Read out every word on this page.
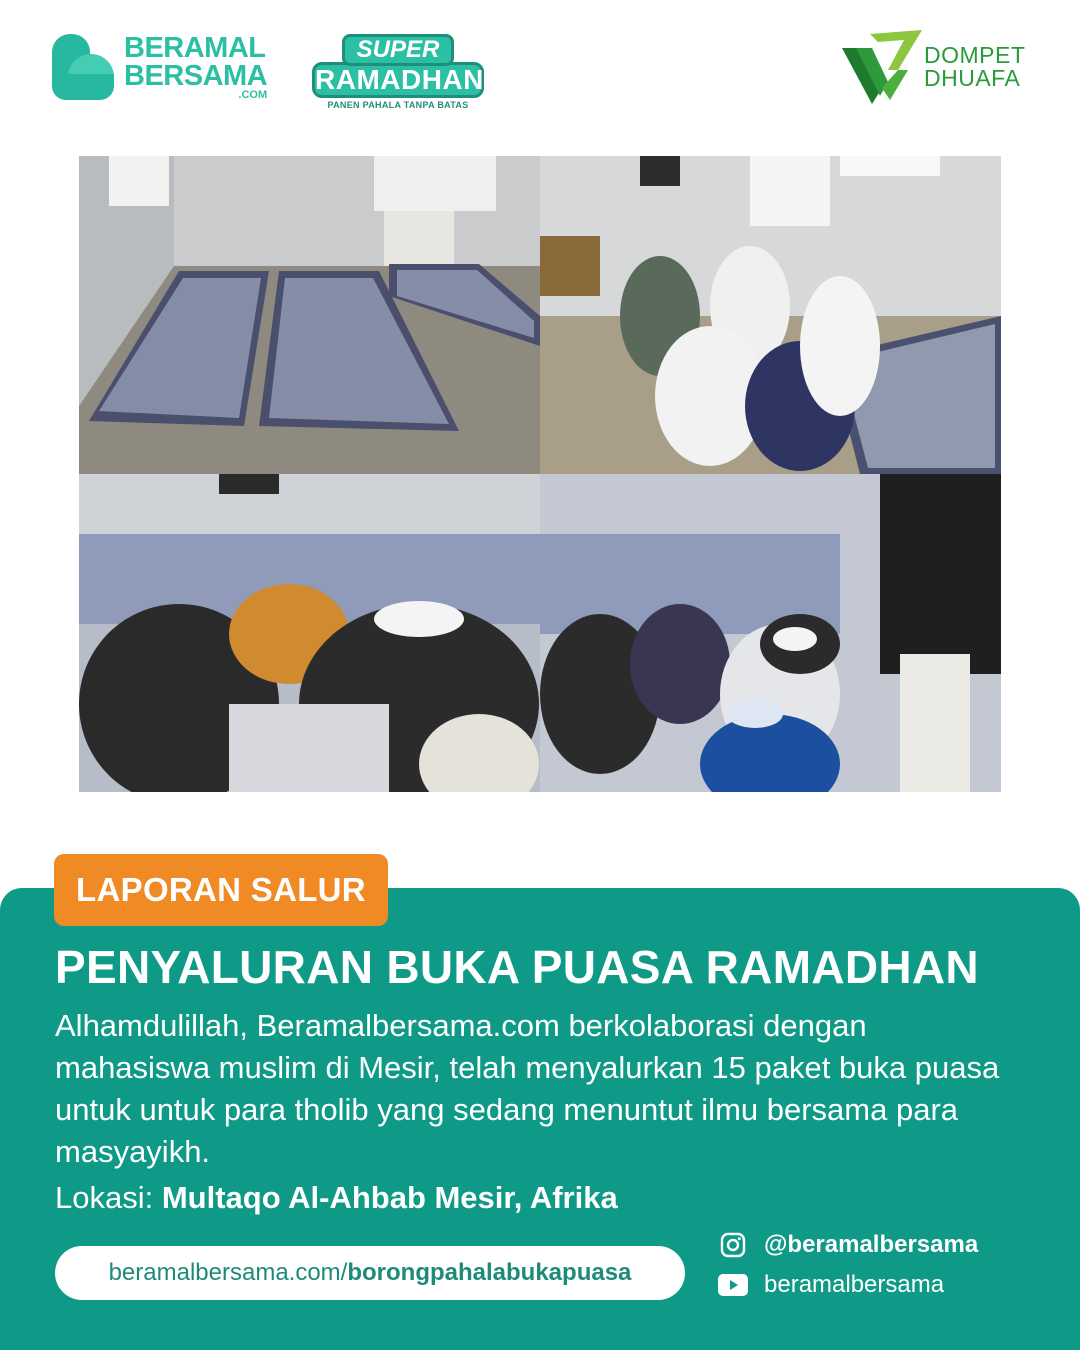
BERAMAL
BERSAMA
.COM
SUPER
RAMADHAN
PANEN PAHALA TANPA BATAS
DOMPET
DHUAFA
LAPORAN SALUR
PENYALURAN BUKA PUASA RAMADHAN
Alhamdulillah, Beramalbersama.com berkolaborasi dengan mahasiswa muslim di Mesir, telah menyalurkan 15 paket buka puasa untuk untuk para tholib yang sedang menuntut ilmu bersama para masyayikh.
Lokasi: Multaqo Al-Ahbab Mesir, Afrika
beramalbersama.com/ borongpahalabukapuasa
@beramalbersama
beramalbersama
